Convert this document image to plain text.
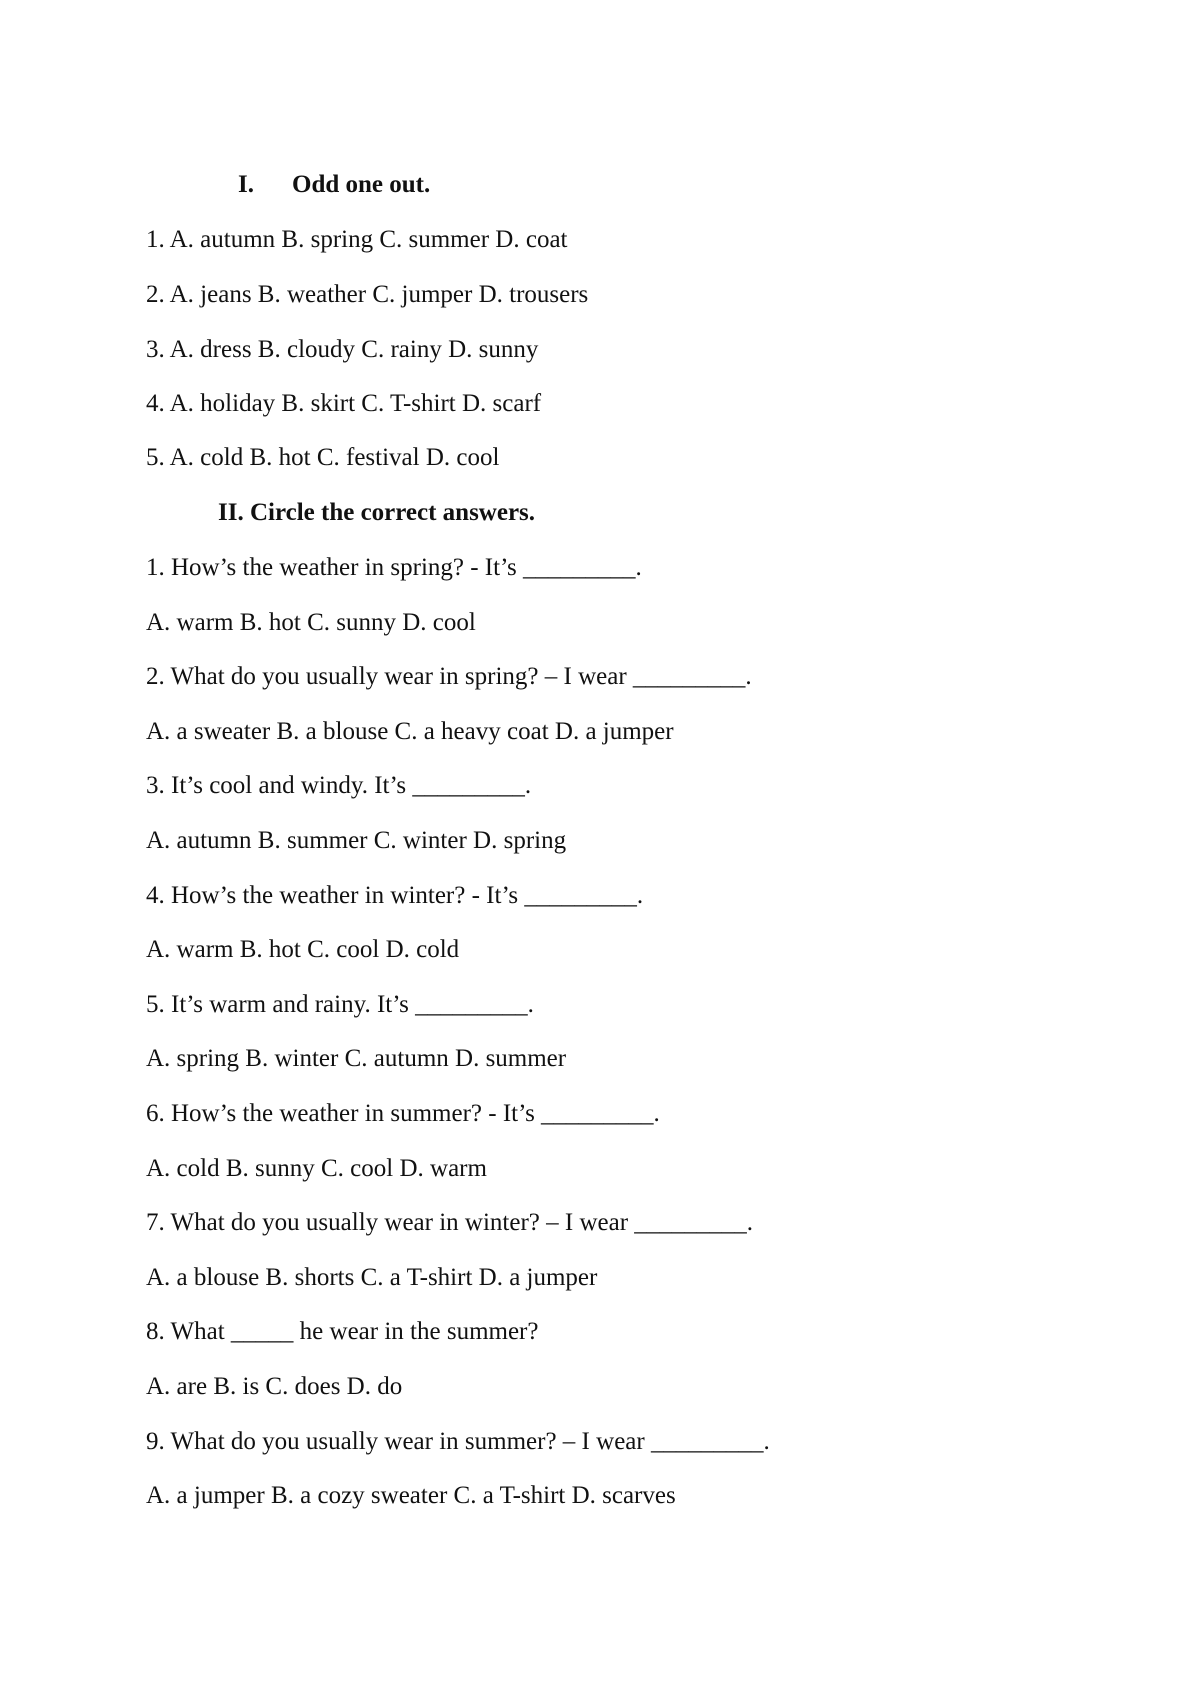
I. Odd one out.
1. A. autumn B. spring C. summer D. coat
2. A. jeans B. weather C. jumper D. trousers
3. A. dress B. cloudy C. rainy D. sunny
4. A. holiday B. skirt C. T-shirt D. scarf
5. A. cold B. hot C. festival D. cool
II. Circle the correct answers.
1. How’s the weather in spring? - It’s _________.
A. warm B. hot C. sunny D. cool
2. What do you usually wear in spring? – I wear _________.
A. a sweater B. a blouse C. a heavy coat D. a jumper
3. It’s cool and windy. It’s _________.
A. autumn B. summer C. winter D. spring
4. How’s the weather in winter? - It’s _________.
A. warm B. hot C. cool D. cold
5. It’s warm and rainy. It’s _________.
A. spring B. winter C. autumn D. summer
6. How’s the weather in summer? - It’s _________.
A. cold B. sunny C. cool D. warm
7. What do you usually wear in winter? – I wear _________.
A. a blouse B. shorts C. a T-shirt D. a jumper
8. What _____ he wear in the summer?
A. are B. is C. does D. do
9. What do you usually wear in summer? – I wear _________.
A. a jumper B. a cozy sweater C. a T-shirt D. scarves
